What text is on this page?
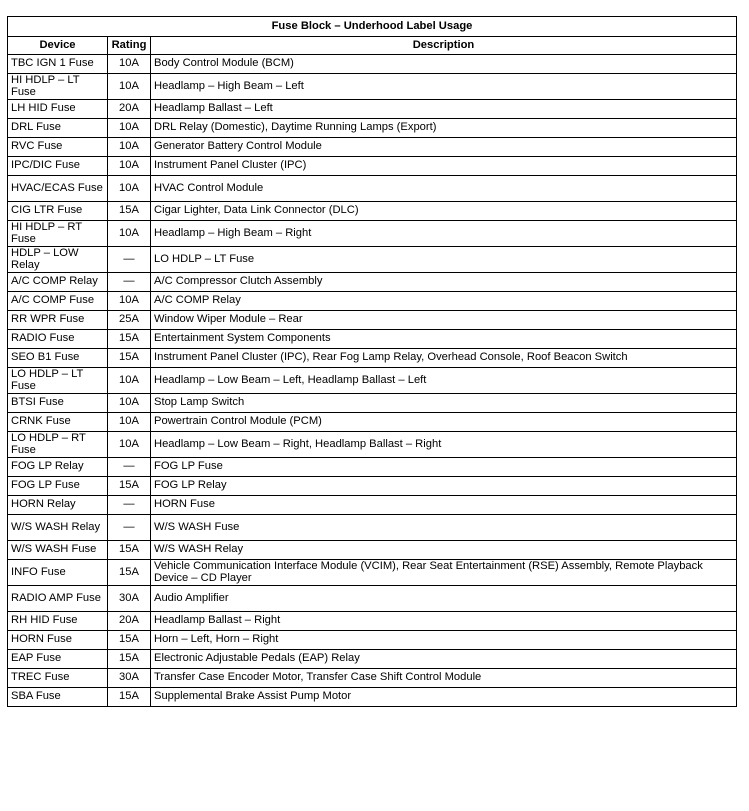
Fuse Block – Underhood Label Usage		
Device	Rating	Description
TBC IGN 1 Fuse	10A	Body Control Module (BCM)
HI HDLP – LT Fuse	10A	Headlamp – High Beam – Left
LH HID Fuse	20A	Headlamp Ballast – Left
DRL Fuse	10A	DRL Relay (Domestic), Daytime Running Lamps (Export)
RVC Fuse	10A	Generator Battery Control Module
IPC/DIC Fuse	10A	Instrument Panel Cluster (IPC)
HVAC/ECAS Fuse	10A	HVAC Control Module
CIG LTR Fuse	15A	Cigar Lighter, Data Link Connector (DLC)
HI HDLP – RT Fuse	10A	Headlamp – High Beam – Right
HDLP – LOW Relay	—	LO HDLP – LT Fuse
A/C COMP Relay	—	A/C Compressor Clutch Assembly
A/C COMP Fuse	10A	A/C COMP Relay
RR WPR Fuse	25A	Window Wiper Module – Rear
RADIO Fuse	15A	Entertainment System Components
SEO B1 Fuse	15A	Instrument Panel Cluster (IPC), Rear Fog Lamp Relay, Overhead Console, Roof Beacon Switch
LO HDLP – LT Fuse	10A	Headlamp – Low Beam – Left, Headlamp Ballast – Left
BTSI Fuse	10A	Stop Lamp Switch
CRNK Fuse	10A	Powertrain Control Module (PCM)
LO HDLP – RT Fuse	10A	Headlamp – Low Beam – Right, Headlamp Ballast – Right
FOG LP Relay	—	FOG LP Fuse
FOG LP Fuse	15A	FOG LP Relay
HORN Relay	—	HORN Fuse
W/S WASH Relay	—	W/S WASH Fuse
W/S WASH Fuse	15A	W/S WASH Relay
INFO Fuse	15A	Vehicle Communication Interface Module (VCIM), Rear Seat Entertainment (RSE) Assembly, Remote Playback Device – CD Player
RADIO AMP Fuse	30A	Audio Amplifier
RH HID Fuse	20A	Headlamp Ballast – Right
HORN Fuse	15A	Horn – Left, Horn – Right
EAP Fuse	15A	Electronic Adjustable Pedals (EAP) Relay
TREC Fuse	30A	Transfer Case Encoder Motor, Transfer Case Shift Control Module
SBA Fuse	15A	Supplemental Brake Assist Pump Motor
